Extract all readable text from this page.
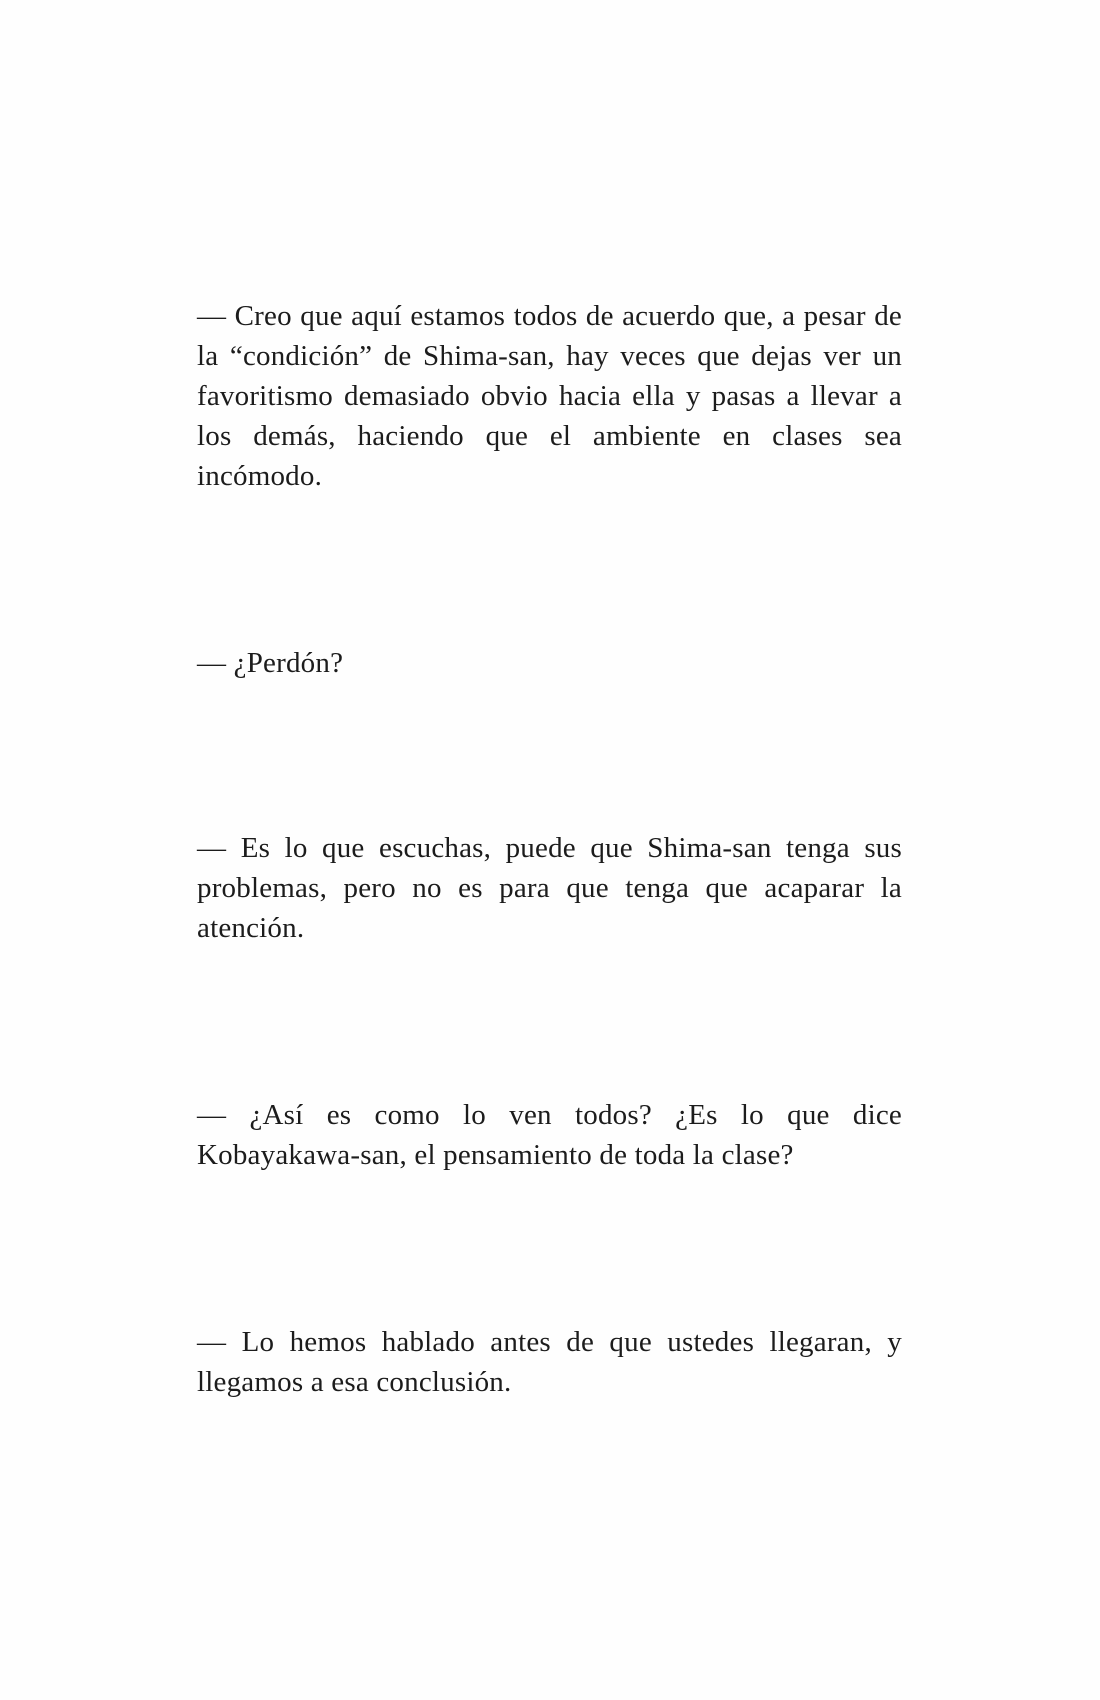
— Creo que aquí estamos todos de acuerdo que, a pesar de la “condición” de Shima-san, hay veces que dejas ver un favoritismo demasiado obvio hacia ella y pasas a llevar a los demás, haciendo que el ambiente en clases sea incómodo.

— ¿Perdón?

— Es lo que escuchas, puede que Shima-san tenga sus problemas, pero no es para que tenga que acaparar la atención.

— ¿Así es como lo ven todos? ¿Es lo que dice Kobayakawa-san, el pensamiento de toda la clase?

— Lo hemos hablado antes de que ustedes llegaran, y llegamos a esa conclusión.
